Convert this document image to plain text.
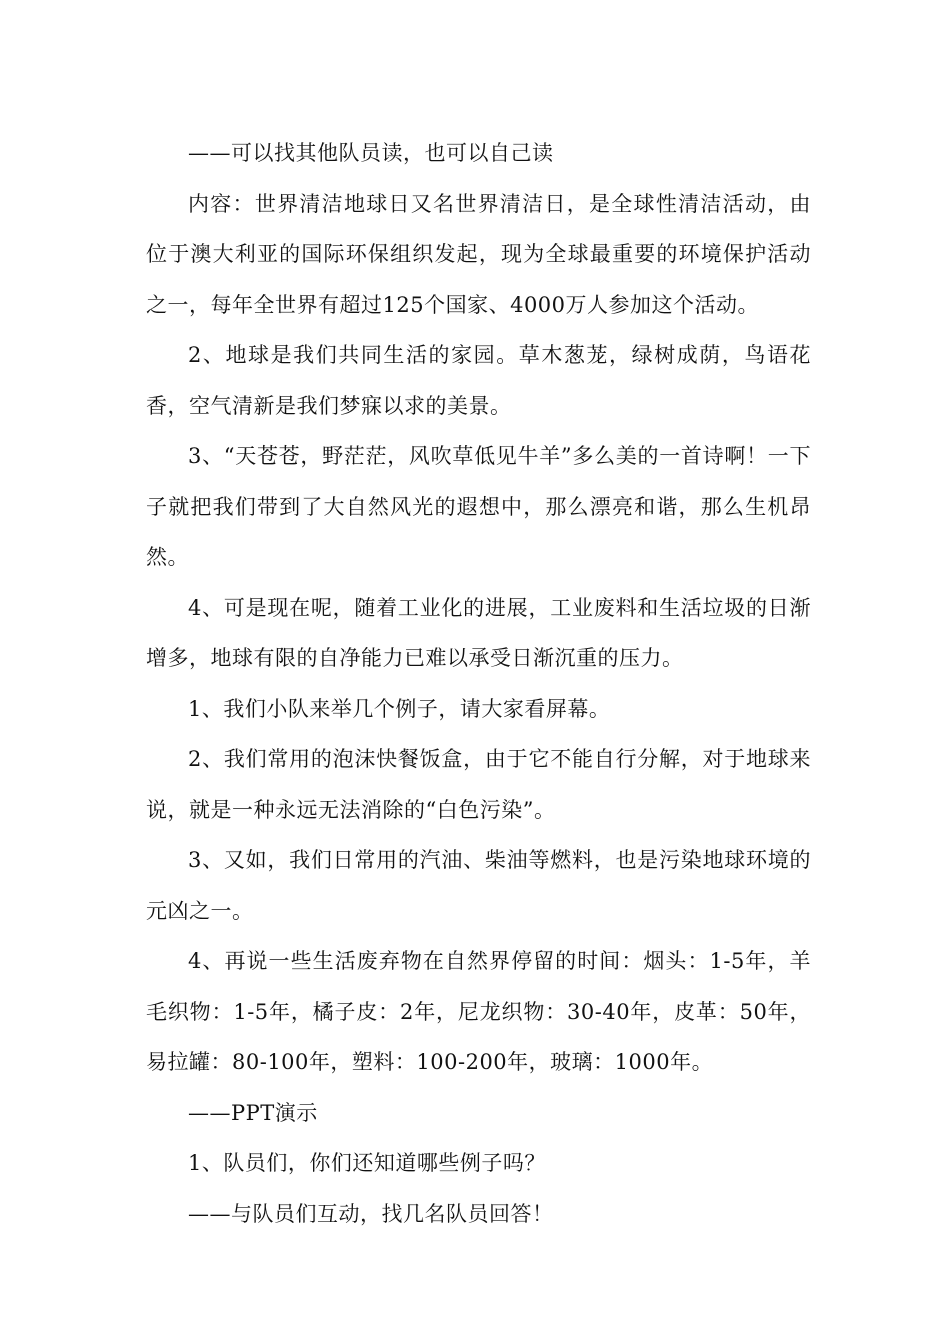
——可以找其他队员读，也可以自己读

内容：世界清洁地球日又名世界清洁日，是全球性清洁活动，由位于澳大利亚的国际环保组织发起，现为全球最重要的环境保护活动之一，每年全世界有超过125个国家、4000万人参加这个活动。

2、地球是我们共同生活的家园。草木葱茏，绿树成荫，鸟语花香，空气清新是我们梦寐以求的美景。

3、“天苍苍，野茫茫，风吹草低见牛羊”多么美的一首诗啊！一下子就把我们带到了大自然风光的遐想中，那么漂亮和谐，那么生机昂然。

4、可是现在呢，随着工业化的进展，工业废料和生活垃圾的日渐增多，地球有限的自净能力已难以承受日渐沉重的压力。

1、我们小队来举几个例子，请大家看屏幕。

2、我们常用的泡沫快餐饭盒，由于它不能自行分解，对于地球来说，就是一种永远无法消除的“白色污染”。

3、又如，我们日常用的汽油、柴油等燃料，也是污染地球环境的元凶之一。

4、再说一些生活废弃物在自然界停留的时间：烟头：1-5年，羊毛织物：1-5年，橘子皮：2年，尼龙织物：30-40年，皮革：50年，易拉罐：80-100年，塑料：100-200年，玻璃：1000年。

——PPT演示

1、队员们，你们还知道哪些例子吗？

——与队员们互动，找几名队员回答！
